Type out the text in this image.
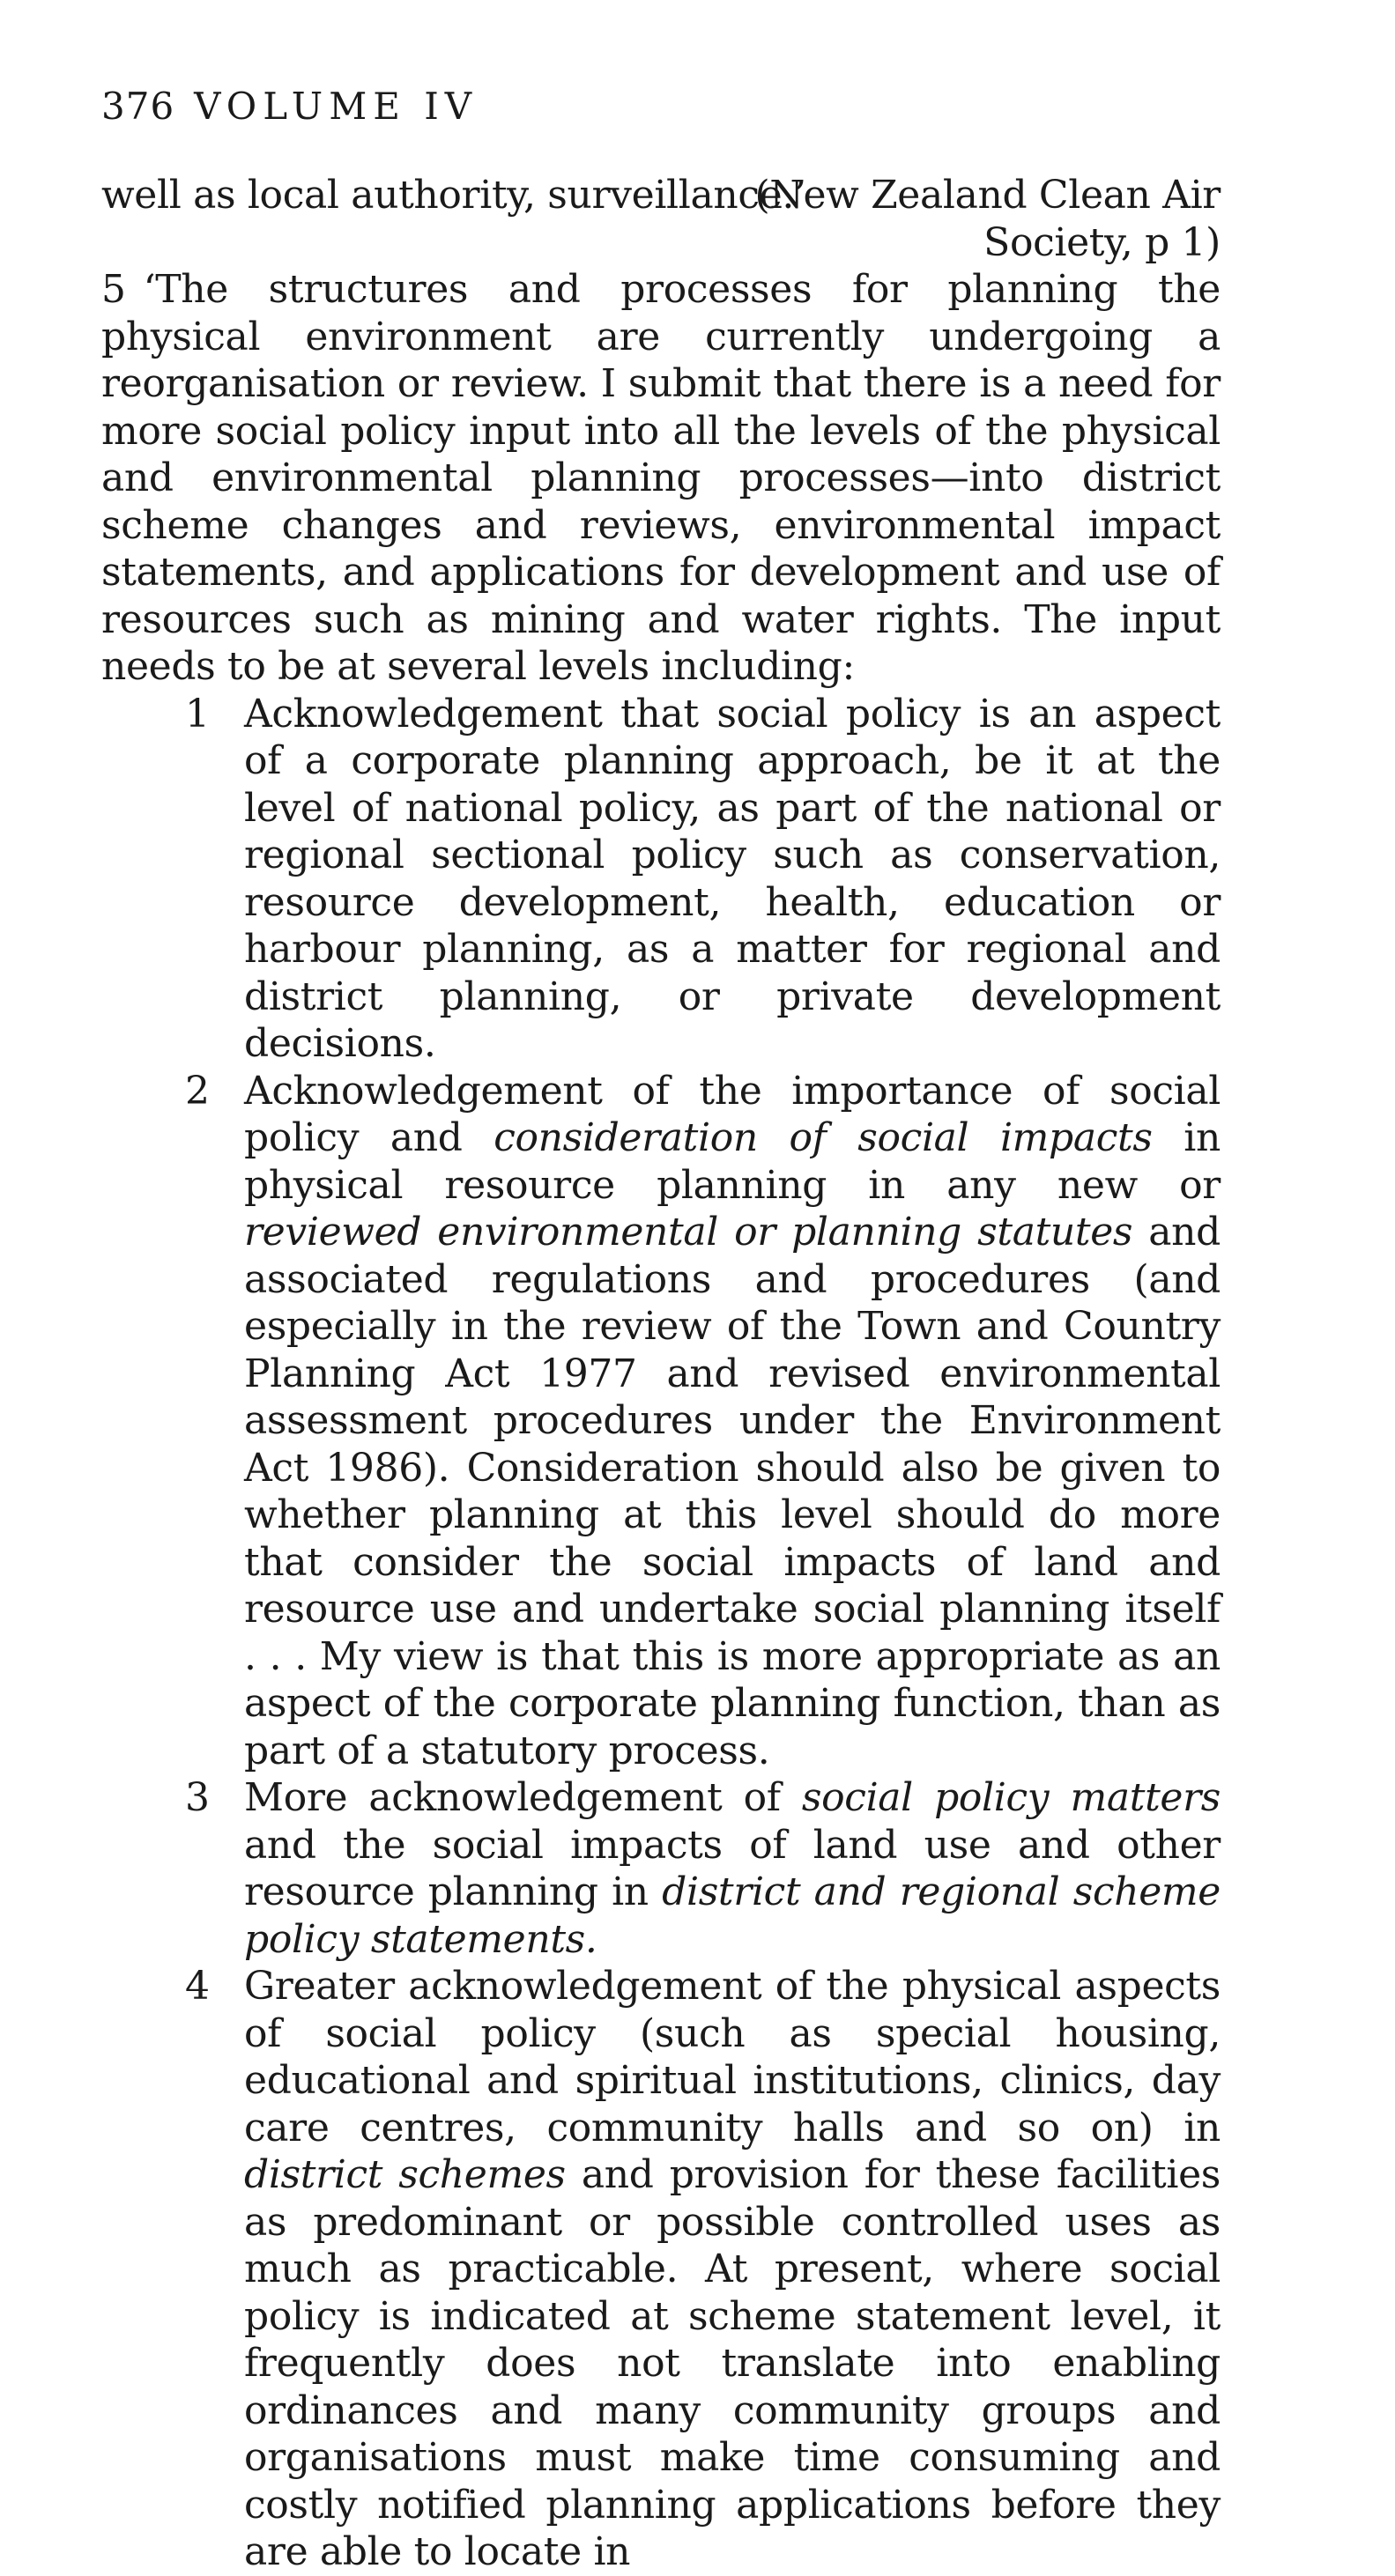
376 VOLUME IV
well as local authority, surveillance.’
(New Zealand Clean Air
Society, p 1)

5 ‘The structures and processes for planning the physical environment are currently undergoing a reorganisation or review. I submit that there is a need for more social policy input into all the levels of the physical and environmental planning processes—into district scheme changes and reviews, environmental impact statements, and applications for development and use of resources such as mining and water rights. The input needs to be at several levels including:

1 Acknowledgement that social policy is an aspect of a corporate planning approach, be it at the level of national policy, as part of the national or regional sectional policy such as conservation, resource development, health, education or harbour planning, as a matter for regional and district planning, or private development decisions.
2 Acknowledgement of the importance of social policy and consideration of social impacts in physical resource planning in any new or reviewed environmental or planning statutes and associated regulations and procedures (and especially in the review of the Town and Country Planning Act 1977 and revised environmental assessment procedures under the Environment Act 1986). Consideration should also be given to whether planning at this level should do more that consider the social impacts of land and resource use and undertake social planning itself . . . My view is that this is more appropriate as an aspect of the corporate planning function, than as part of a statutory process.
3 More acknowledgement of social policy matters and the social impacts of land use and other resource planning in district and regional scheme policy statements.
4 Greater acknowledgement of the physical aspects of social policy (such as special housing, educational and spiritual institutions, clinics, day care centres, community halls and so on) in district schemes and provision for these facilities as predominant or possible controlled uses as much as practicable. At present, where social policy is indicated at scheme statement level, it frequently does not translate into enabling ordinances and many community groups and organisations must make time consuming and costly notified planning applications before they are able to locate in
